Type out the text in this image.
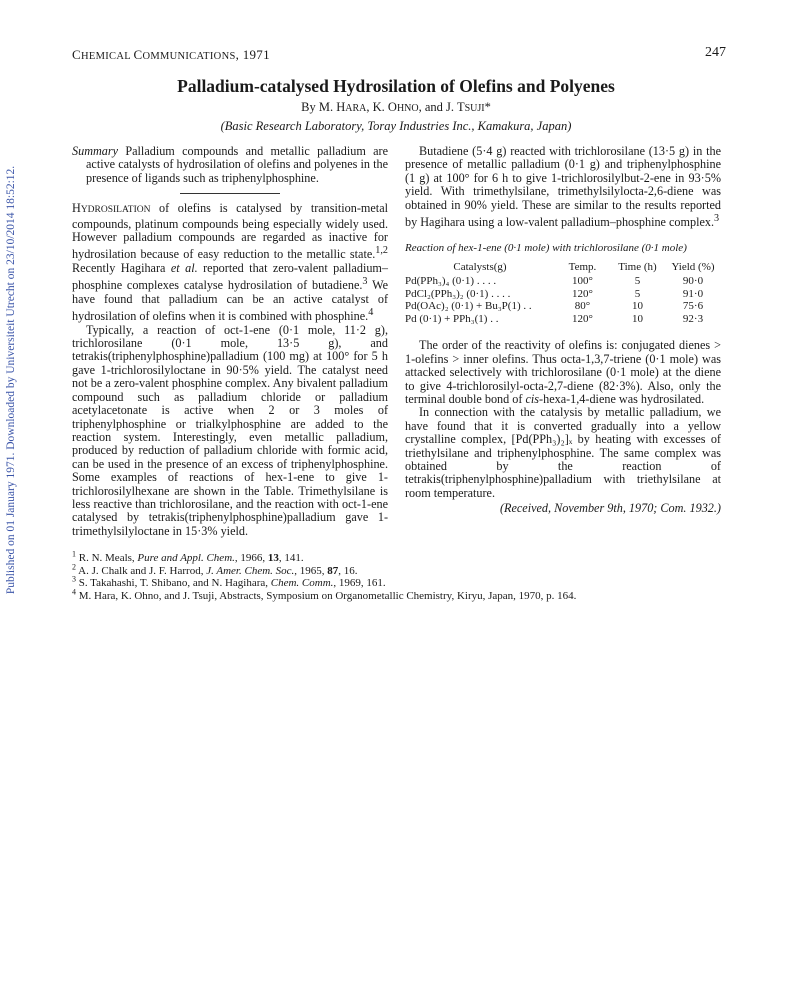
Published on 01 January 1971. Downloaded by Universiteit Utrecht on 23/10/2014 18:52:12.
CHEMICAL COMMUNICATIONS, 1971	247
Palladium-catalysed Hydrosilation of Olefins and Polyenes
By M. HARA, K. OHNO, and J. TSUJI*
(Basic Research Laboratory, Toray Industries Inc., Kamakura, Japan)

Summary Palladium compounds and metallic palladium are active catalysts of hydrosilation of olefins and polyenes in the presence of ligands such as triphenylphosphine.

HYDROSILATION of olefins is catalysed by transition-metal compounds, platinum compounds being especially widely used. However palladium compounds are regarded as inactive for hydrosilation because of easy reduction to the metallic state.$^{1,2}$ Recently Hagihara et al. reported that zero-valent palladium–phosphine complexes catalyse hydrosilation of butadiene.$^3$ We have found that palladium can be an active catalyst of hydrosilation of olefins when it is combined with phosphine.$^4$

Typically, a reaction of oct-1-ene (0·1 mole, 11·2 g), trichlorosilane (0·1 mole, 13·5 g), and tetrakis(triphenylphosphine)palladium (100 mg) at 100° for 5 h gave 1-trichlorosilyloctane in 90·5% yield. The catalyst need not be a zero-valent phosphine complex. Any bivalent palladium compound such as palladium chloride or palladium acetylacetonate is active when 2 or 3 moles of triphenylphosphine or trialkylphosphine are added to the reaction system. Interestingly, even metallic palladium, produced by reduction of palladium chloride with formic acid, can be used in the presence of an excess of triphenylphosphine. Some examples of reactions of hex-1-ene to give 1-trichlorosilylhexane are shown in the Table. Trimethylsilane is less reactive than trichlorosilane, and the reaction with oct-1-ene catalysed by tetrakis(triphenylphosphine)palladium gave 1-trimethylsilyloctane in 15·3% yield.

Butadiene (5·4 g) reacted with trichlorosilane (13·5 g) in the presence of metallic palladium (0·1 g) and triphenylphosphine (1 g) at 100° for 6 h to give 1-trichlorosilylbut-2-ene in 93·5% yield. With trimethylsilane, trimethylsilylocta-2,6-diene was obtained in 90% yield. These are similar to the results reported by Hagihara using a low-valent palladium–phosphine complex.$^3$

Reaction of hex-1-ene (0·1 mole) with trichlorosilane (0·1 mole)
Catalysts(g)	Temp.	Time (h)	Yield (%)
Pd(PPh₃)₄ (0·1) . . . .	100°	5	90·0
PdCl₂(PPh₃)₂ (0·1) . . . .	120°	5	91·0
Pd(OAc)₂ (0·1) + Bu₃P(1) . .	80°	10	75·6
Pd (0·1) + PPh₃(1) . .	120°	10	92·3

The order of the reactivity of olefins is: conjugated dienes > 1-olefins > inner olefins. Thus octa-1,3,7-triene (0·1 mole) was attacked selectively with trichlorosilane (0·1 mole) at the diene to give 4-trichlorosilyl-octa-2,7-diene (82·3%). Also, only the terminal double bond of cis-hexa-1,4-diene was hydrosilated.

In connection with the catalysis by metallic palladium, we have found that it is converted gradually into a yellow crystalline complex, [Pd(PPh₃)₂]ₓ by heating with excesses of triethylsilane and triphenylphosphine. The same complex was obtained by the reaction of tetrakis(triphenylphosphine)palladium with triethylsilane at room temperature.

(Received, November 9th, 1970; Com. 1932.)
$^1$ R. N. Meals, Pure and Appl. Chem., 1966, 13, 141.
$^2$ A. J. Chalk and J. F. Harrod, J. Amer. Chem. Soc., 1965, 87, 16.
$^3$ S. Takahashi, T. Shibano, and N. Hagihara, Chem. Comm., 1969, 161.
$^4$ M. Hara, K. Ohno, and J. Tsuji, Abstracts, Symposium on Organometallic Chemistry, Kiryu, Japan, 1970, p. 164.
